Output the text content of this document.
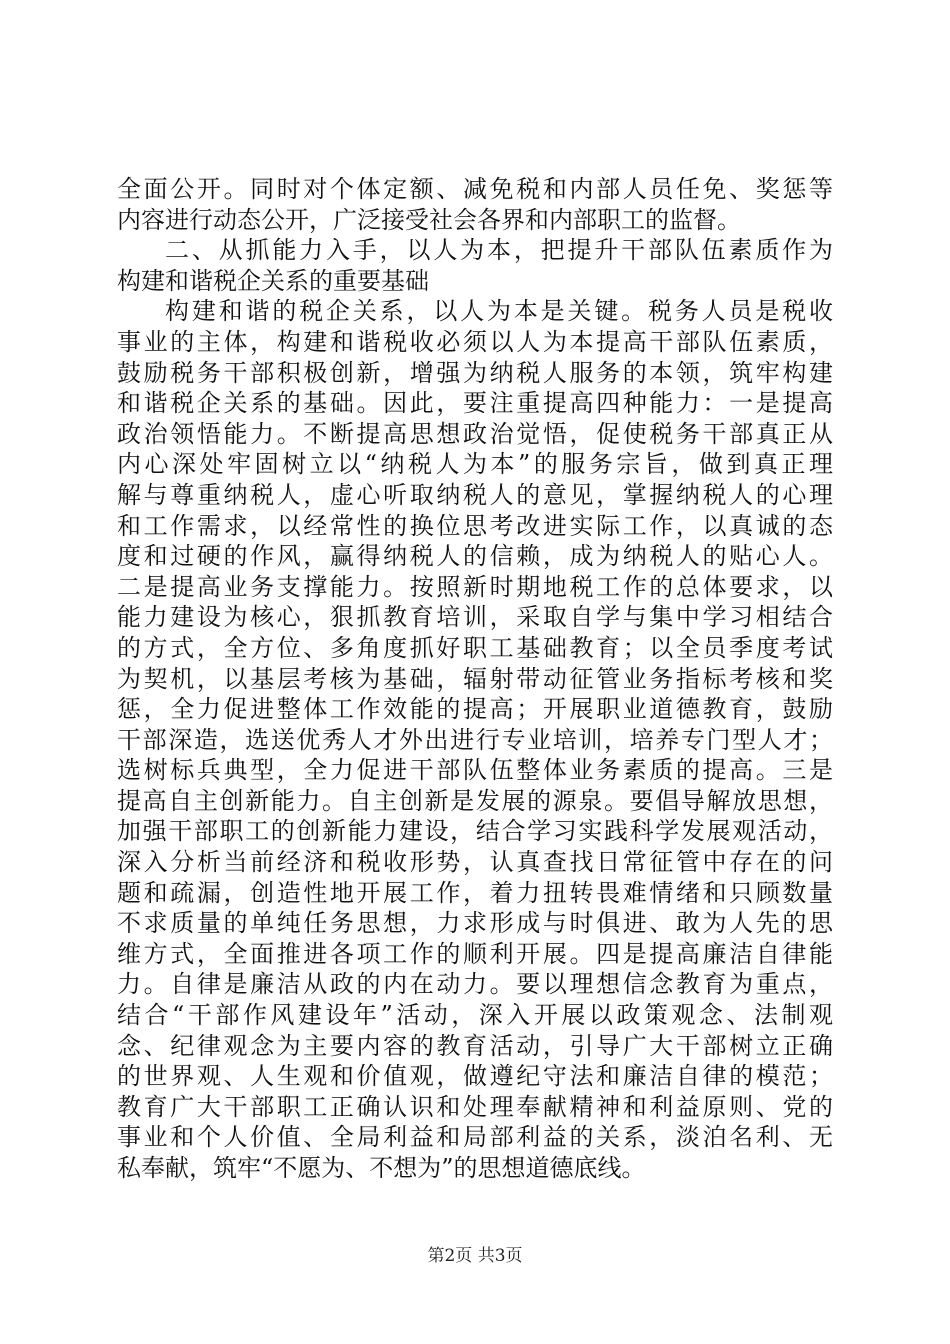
全面公开。同时对个体定额、减免税和内部人员任免、奖惩等
内容进行动态公开，广泛接受社会各界和内部职工的监督。
二、从抓能力入手，以人为本，把提升干部队伍素质作为
构建和谐税企关系的重要基础
构建和谐的税企关系，以人为本是关键。税务人员是税收
事业的主体，构建和谐税收必须以人为本提高干部队伍素质，
鼓励税务干部积极创新，增强为纳税人服务的本领，筑牢构建
和谐税企关系的基础。因此，要注重提高四种能力：一是提高
政治领悟能力。不断提高思想政治觉悟，促使税务干部真正从
内心深处牢固树立以“纳税人为本”的服务宗旨，做到真正理
解与尊重纳税人，虚心听取纳税人的意见，掌握纳税人的心理
和工作需求，以经常性的换位思考改进实际工作，以真诚的态
度和过硬的作风，赢得纳税人的信赖，成为纳税人的贴心人。
二是提高业务支撑能力。按照新时期地税工作的总体要求，以
能力建设为核心，狠抓教育培训，采取自学与集中学习相结合
的方式，全方位、多角度抓好职工基础教育；以全员季度考试
为契机，以基层考核为基础，辐射带动征管业务指标考核和奖
惩，全力促进整体工作效能的提高；开展职业道德教育，鼓励
干部深造，选送优秀人才外出进行专业培训，培养专门型人才；
选树标兵典型，全力促进干部队伍整体业务素质的提高。三是
提高自主创新能力。自主创新是发展的源泉。要倡导解放思想，
加强干部职工的创新能力建设，结合学习实践科学发展观活动，
深入分析当前经济和税收形势，认真查找日常征管中存在的问
题和疏漏，创造性地开展工作，着力扭转畏难情绪和只顾数量
不求质量的单纯任务思想，力求形成与时俱进、敢为人先的思
维方式，全面推进各项工作的顺利开展。四是提高廉洁自律能
力。自律是廉洁从政的内在动力。要以理想信念教育为重点，
结合“干部作风建设年”活动，深入开展以政策观念、法制观
念、纪律观念为主要内容的教育活动，引导广大干部树立正确
的世界观、人生观和价值观，做遵纪守法和廉洁自律的模范；
教育广大干部职工正确认识和处理奉献精神和利益原则、党的
事业和个人价值、全局利益和局部利益的关系，淡泊名利、无
私奉献，筑牢“不愿为、不想为”的思想道德底线。
第2页 共3页
